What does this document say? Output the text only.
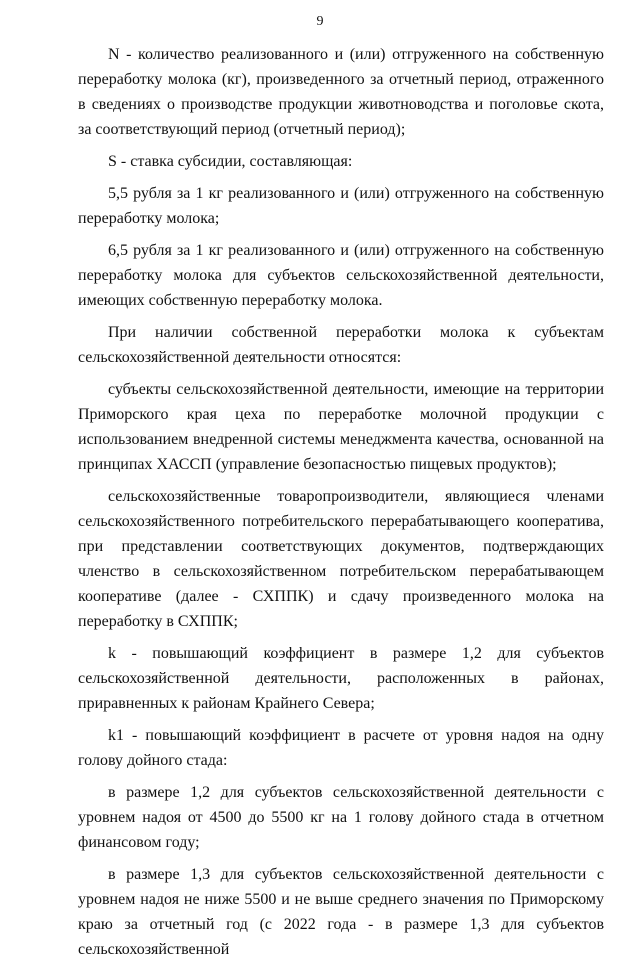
9

N - количество реализованного и (или) отгруженного на собственную переработку молока (кг), произведенного за отчетный период, отраженного в сведениях о производстве продукции животноводства и поголовье скота, за соответствующий период (отчетный период);

S - ставка субсидии, составляющая:

5,5 рубля за 1 кг реализованного и (или) отгруженного на собственную переработку молока;

6,5 рубля за 1 кг реализованного и (или) отгруженного на собственную переработку молока для субъектов сельскохозяйственной деятельности, имеющих собственную переработку молока.

При наличии собственной переработки молока к субъектам сельскохозяйственной деятельности относятся:

субъекты сельскохозяйственной деятельности, имеющие на территории Приморского края цеха по переработке молочной продукции с использованием внедренной системы менеджмента качества, основанной на принципах ХАССП (управление безопасностью пищевых продуктов);

сельскохозяйственные товаропроизводители, являющиеся членами сельскохозяйственного потребительского перерабатывающего кооператива, при представлении соответствующих документов, подтверждающих членство в сельскохозяйственном потребительском перерабатывающем кооперативе (далее - СХППК) и сдачу произведенного молока на переработку в СХППК;

k - повышающий коэффициент в размере 1,2 для субъектов сельскохозяйственной деятельности, расположенных в районах, приравненных к районам Крайнего Севера;

k1 - повышающий коэффициент в расчете от уровня надоя на одну голову дойного стада:

в размере 1,2 для субъектов сельскохозяйственной деятельности с уровнем надоя от 4500 до 5500 кг на 1 голову дойного стада в отчетном финансовом году;

в размере 1,3 для субъектов сельскохозяйственной деятельности с уровнем надоя не ниже 5500 и не выше среднего значения по Приморскому краю за отчетный год (с 2022 года - в размере 1,3 для субъектов сельскохозяйственной
